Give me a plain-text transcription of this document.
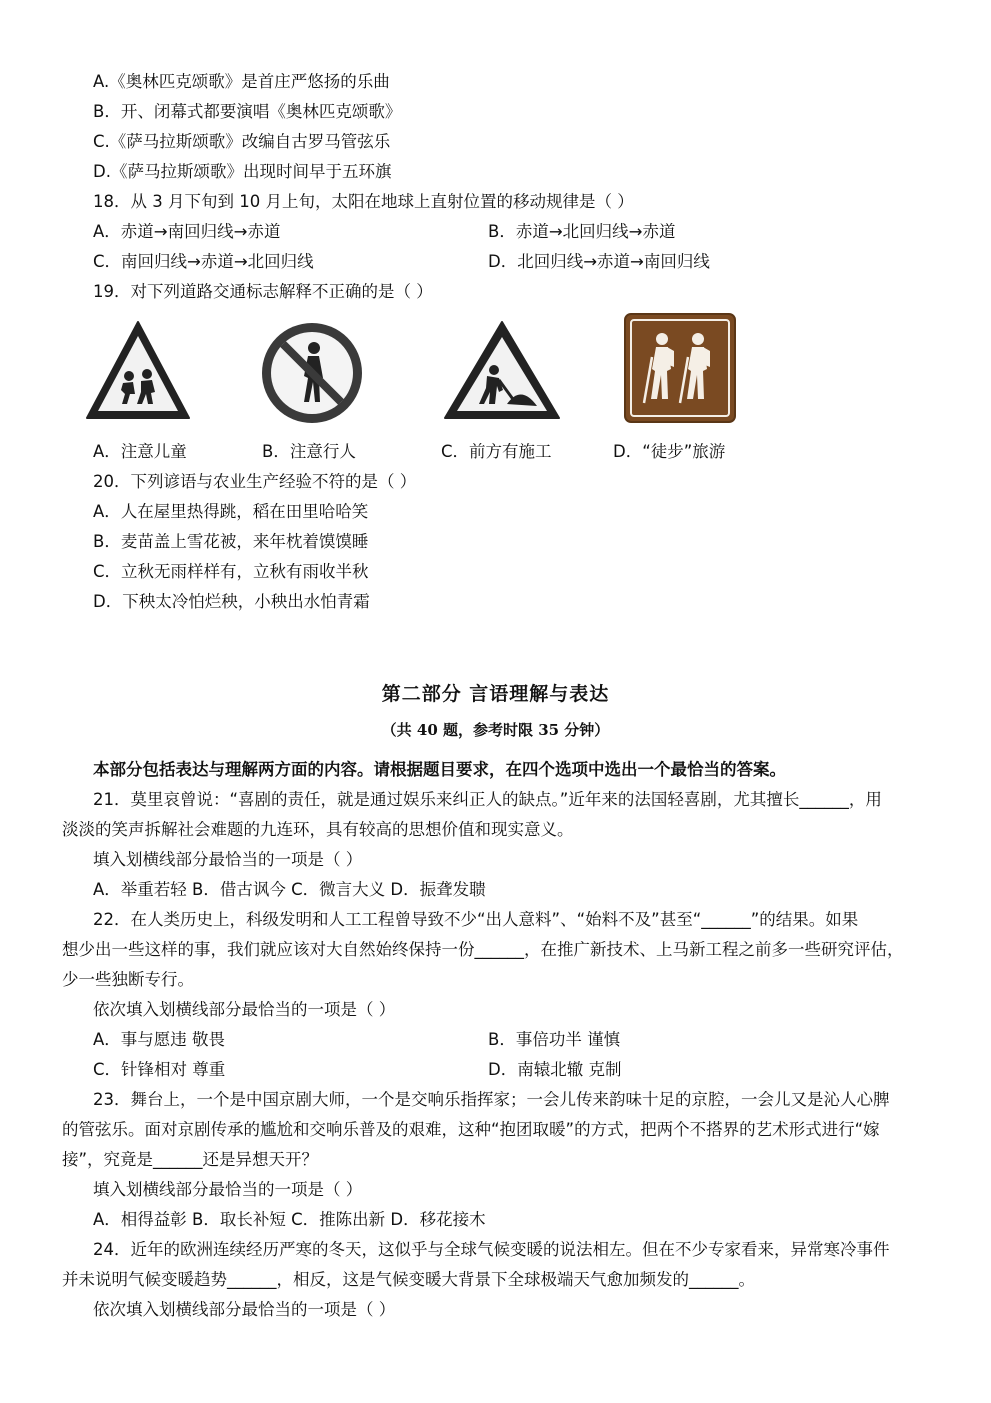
A.《奥林匹克颂歌》是首庄严悠扬的乐曲
B．开、闭幕式都要演唱《奥林匹克颂歌》
C.《萨马拉斯颂歌》改编自古罗马管弦乐
D.《萨马拉斯颂歌》出现时间早于五环旗
18．从 3 月下旬到 10 月上旬，太阳在地球上直射位置的移动规律是（ ）
A．赤道→南回归线→赤道	B．赤道→北回归线→赤道
C．南回归线→赤道→北回归线	D．北回归线→赤道→南回归线
19．对下列道路交通标志解释不正确的是（ ）
A．注意儿童	B．注意行人	C．前方有施工	D．“徒步”旅游
20．下列谚语与农业生产经验不符的是（ ）
A．人在屋里热得跳，稻在田里哈哈笑
B．麦苗盖上雪花被，来年枕着馍馍睡
C．立秋无雨样样有，立秋有雨收半秋
D．下秧太冷怕烂秧，小秧出水怕青霜
第二部分 言语理解与表达
（共 40 题，参考时限 35 分钟）
本部分包括表达与理解两方面的内容。请根据题目要求，在四个选项中选出一个最恰当的答案。
21．莫里哀曾说：“喜剧的责任，就是通过娱乐来纠正人的缺点。”近年来的法国轻喜剧，尤其擅长______，用
淡淡的笑声拆解社会难题的九连环，具有较高的思想价值和现实意义。
填入划横线部分最恰当的一项是（ ）
A．举重若轻 B．借古讽今 C．微言大义 D．振聋发聩
22．在人类历史上，科级发明和人工工程曾导致不少“出人意料”、“始料不及”甚至“______”的结果。如果
想少出一些这样的事，我们就应该对大自然始终保持一份______，在推广新技术、上马新工程之前多一些研究评估，
少一些独断专行。
依次填入划横线部分最恰当的一项是（ ）
A．事与愿违 敬畏	B．事倍功半 谨慎
C．针锋相对 尊重	D．南辕北辙 克制
23．舞台上，一个是中国京剧大师，一个是交响乐指挥家；一会儿传来韵味十足的京腔，一会儿又是沁人心脾
的管弦乐。面对京剧传承的尴尬和交响乐普及的艰难，这种“抱团取暖”的方式，把两个不搭界的艺术形式进行“嫁
接”，究竟是______还是异想天开？
填入划横线部分最恰当的一项是（ ）
A．相得益彰 B．取长补短 C．推陈出新 D．移花接木
24．近年的欧洲连续经历严寒的冬天，这似乎与全球气候变暖的说法相左。但在不少专家看来，异常寒冷事件
并未说明气候变暖趋势______，相反，这是气候变暖大背景下全球极端天气愈加频发的______。
依次填入划横线部分最恰当的一项是（ ）
